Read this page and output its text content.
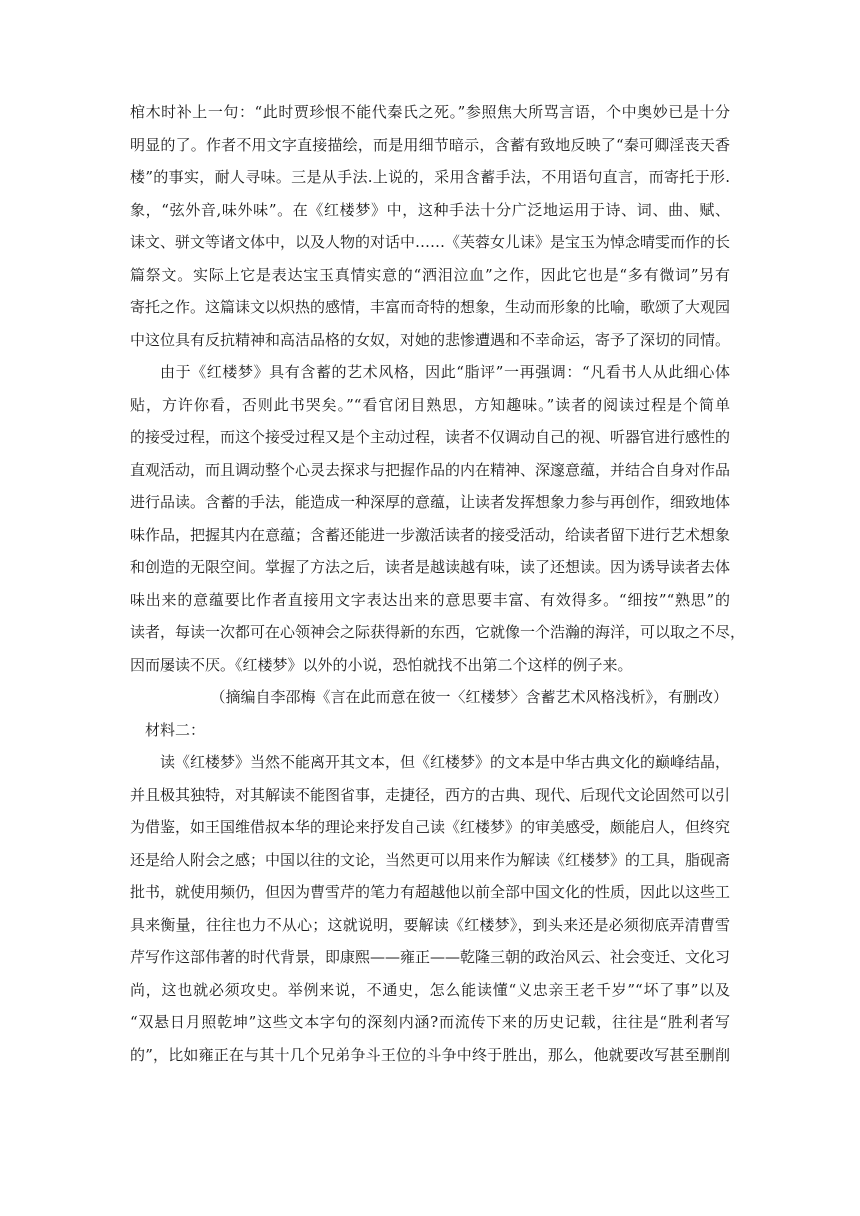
棺木时补上一句：“此时贾珍恨不能代秦氏之死。”参照焦大所骂言语，个中奥妙已是十分
明显的了。作者不用文字直接描绘，而是用细节暗示，含蓄有致地反映了“秦可卿淫丧天香
楼”的事实，耐人寻味。三是从手法.上说的，采用含蓄手法，不用语句直言，而寄托于形.
象，“弦外音,味外味”。在《红楼梦》中，这种手法十分广泛地运用于诗、词、曲、赋、
诔文、骈文等诸文体中，以及人物的对话中……《芙蓉女儿诔》是宝玉为悼念晴雯而作的长
篇祭文。实际上它是表达宝玉真情实意的“洒泪泣血”之作，因此它也是“多有微词”另有
寄托之作。这篇诔文以炽热的感情，丰富而奇特的想象，生动而形象的比喻，歌颂了大观园
中这位具有反抗精神和高洁品格的女奴，对她的悲惨遭遇和不幸命运，寄予了深切的同情。
由于《红楼梦》具有含蓄的艺术风格，因此“脂评”一再强调：“凡看书人从此细心体
贴，方许你看，否则此书哭矣。”“看官闭目熟思，方知趣味。”读者的阅读过程是个简单
的接受过程，而这个接受过程又是个主动过程，读者不仅调动自己的视、听器官进行感性的
直观活动，而且调动整个心灵去探求与把握作品的内在精神、深邃意蕴，并结合自身对作品
进行品读。含蓄的手法，能造成一种深厚的意蕴，让读者发挥想象力参与再创作，细致地体
味作品，把握其内在意蕴；含蓄还能进一步激活读者的接受活动，给读者留下进行艺术想象
和创造的无限空间。掌握了方法之后，读者是越读越有味，读了还想读。因为诱导读者去体
味出来的意蕴要比作者直接用文字表达出来的意思要丰富、有效得多。“细按”“熟思”的
读者，每读一次都可在心领神会之际获得新的东西，它就像一个浩瀚的海洋，可以取之不尽，
因而屡读不厌。《红楼梦》以外的小说，恐怕就找不出第二个这样的例子来。
（摘编自李邵梅《言在此而意在彼一〈红楼梦〉含蓄艺术风格浅析》，有删改）
材料二：
读《红楼梦》当然不能离开其文本，但《红楼梦》的文本是中华古典文化的巅峰结晶，
并且极其独特，对其解读不能图省事，走捷径，西方的古典、现代、后现代文论固然可以引
为借鉴，如王国维借叔本华的理论来抒发自己读《红楼梦》的审美感受，颇能启人，但终究
还是给人附会之感；中国以往的文论，当然更可以用来作为解读《红楼梦》的工具，脂砚斋
批书，就使用频仍，但因为曹雪芹的笔力有超越他以前全部中国文化的性质，因此以这些工
具来衡量，往往也力不从心；这就说明，要解读《红楼梦》，到头来还是必须彻底弄清曹雪
芹写作这部伟著的时代背景，即康熙——雍正——乾隆三朝的政治风云、社会变迁、文化习
尚，这也就必须攻史。举例来说，不通史，怎么能读懂“义忠亲王老千岁”“坏了事”以及
“双悬日月照乾坤”这些文本字句的深刻内涵?而流传下来的历史记载，往往是“胜利者写
的”，比如雍正在与其十几个兄弟争斗王位的斗争中终于胜出，那么，他就要改写甚至删削
